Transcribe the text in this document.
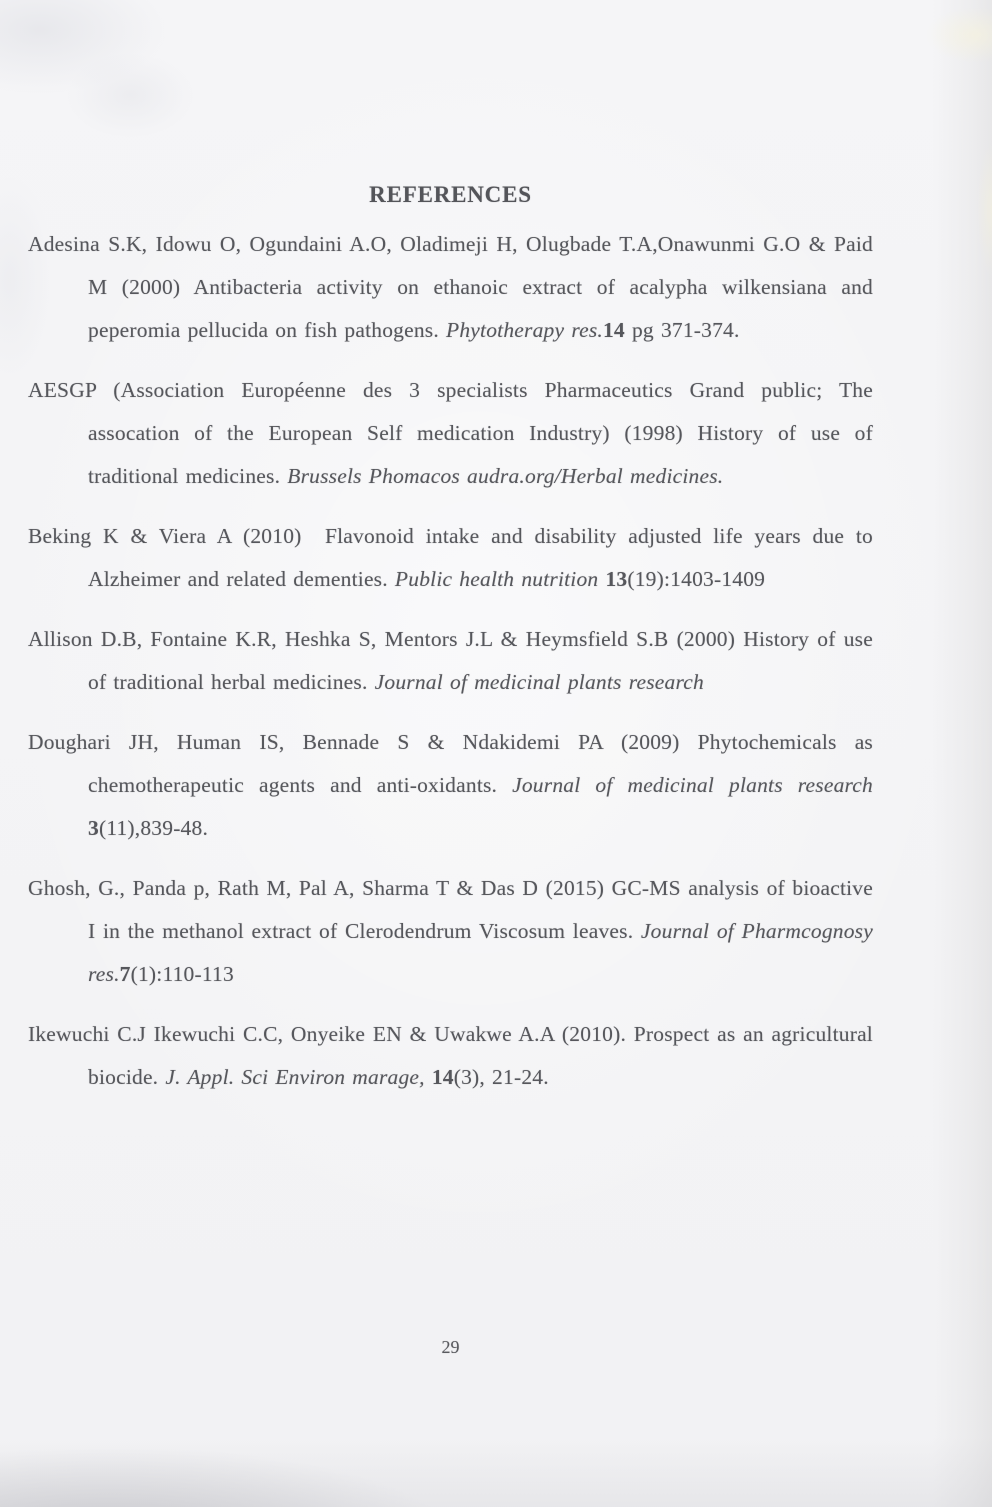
REFERENCES

Adesina S.K, Idowu O, Ogundaini A.O, Oladimeji H, Olugbade T.A,Onawunmi G.O & Paid M (2000) Antibacteria activity on ethanoic extract of acalypha wilkensiana and peperomia pellucida on fish pathogens. Phytotherapy res.14 pg 371-374.

AESGP (Association Européenne des 3 specialists Pharmaceutics Grand public; The assocation of the European Self medication Industry) (1998) History of use of traditional medicines. Brussels Phomacos audra.org/Herbal medicines.

Beking K & Viera A (2010)  Flavonoid intake and disability adjusted life years due to Alzheimer and related dementies. Public health nutrition 13(19):1403-1409

Allison D.B, Fontaine K.R, Heshka S, Mentors J.L & Heymsfield S.B (2000) History of use of traditional herbal medicines. Journal of medicinal plants research

Doughari JH, Human IS, Bennade S & Ndakidemi PA (2009) Phytochemicals as chemotherapeutic agents and anti-oxidants. Journal of medicinal plants research 3(11),839-48.

Ghosh, G., Panda p, Rath M, Pal A, Sharma T & Das D (2015) GC-MS analysis of bioactive I in the methanol extract of Clerodendrum Viscosum leaves. Journal of Pharmcognosy res.7(1):110-113

Ikewuchi C.J Ikewuchi C.C, Onyeike EN & Uwakwe A.A (2010). Prospect as an agricultural biocide. J. Appl. Sci Environ marage, 14(3), 21-24.

29
